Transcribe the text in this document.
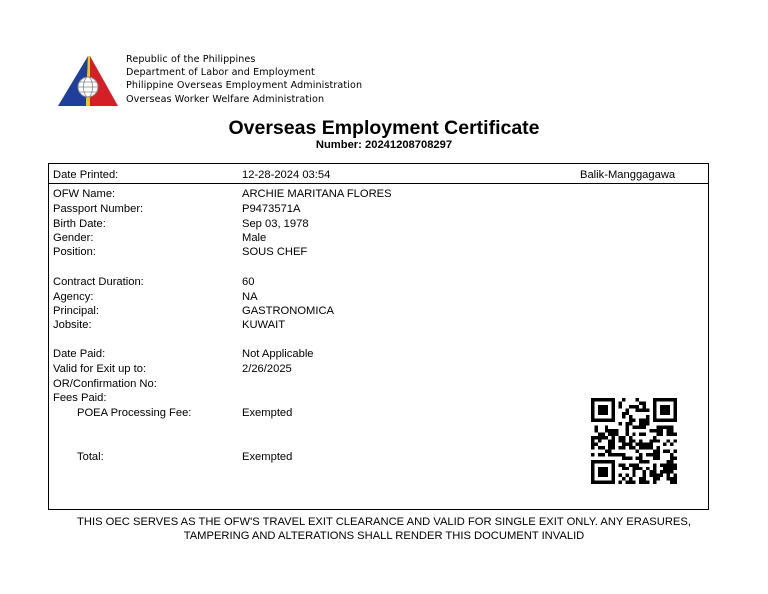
Republic of the Philippines
Department of Labor and Employment
Philippine Overseas Employment Administration
Overseas Worker Welfare Administration
Overseas Employment Certificate
Number: 20241208708297
Date Printed:	12-28-2024 03:54	Balik-Manggagawa
OFW Name:	ARCHIE MARITANA FLORES
Passport Number:	P9473571A
Birth Date:	Sep 03, 1978
Gender:	Male
Position:	SOUS CHEF
Contract Duration:	60
Agency:	NA
Principal:	GASTRONOMICA
Jobsite:	KUWAIT
Date Paid:	Not Applicable
Valid for Exit up to:	2/26/2025
OR/Confirmation No:
Fees Paid:
POEA Processing Fee:	Exempted
Total:	Exempted
THIS OEC SERVES AS THE OFW'S TRAVEL EXIT CLEARANCE AND VALID FOR SINGLE EXIT ONLY. ANY ERASURES,
TAMPERING AND ALTERATIONS SHALL RENDER THIS DOCUMENT INVALID
